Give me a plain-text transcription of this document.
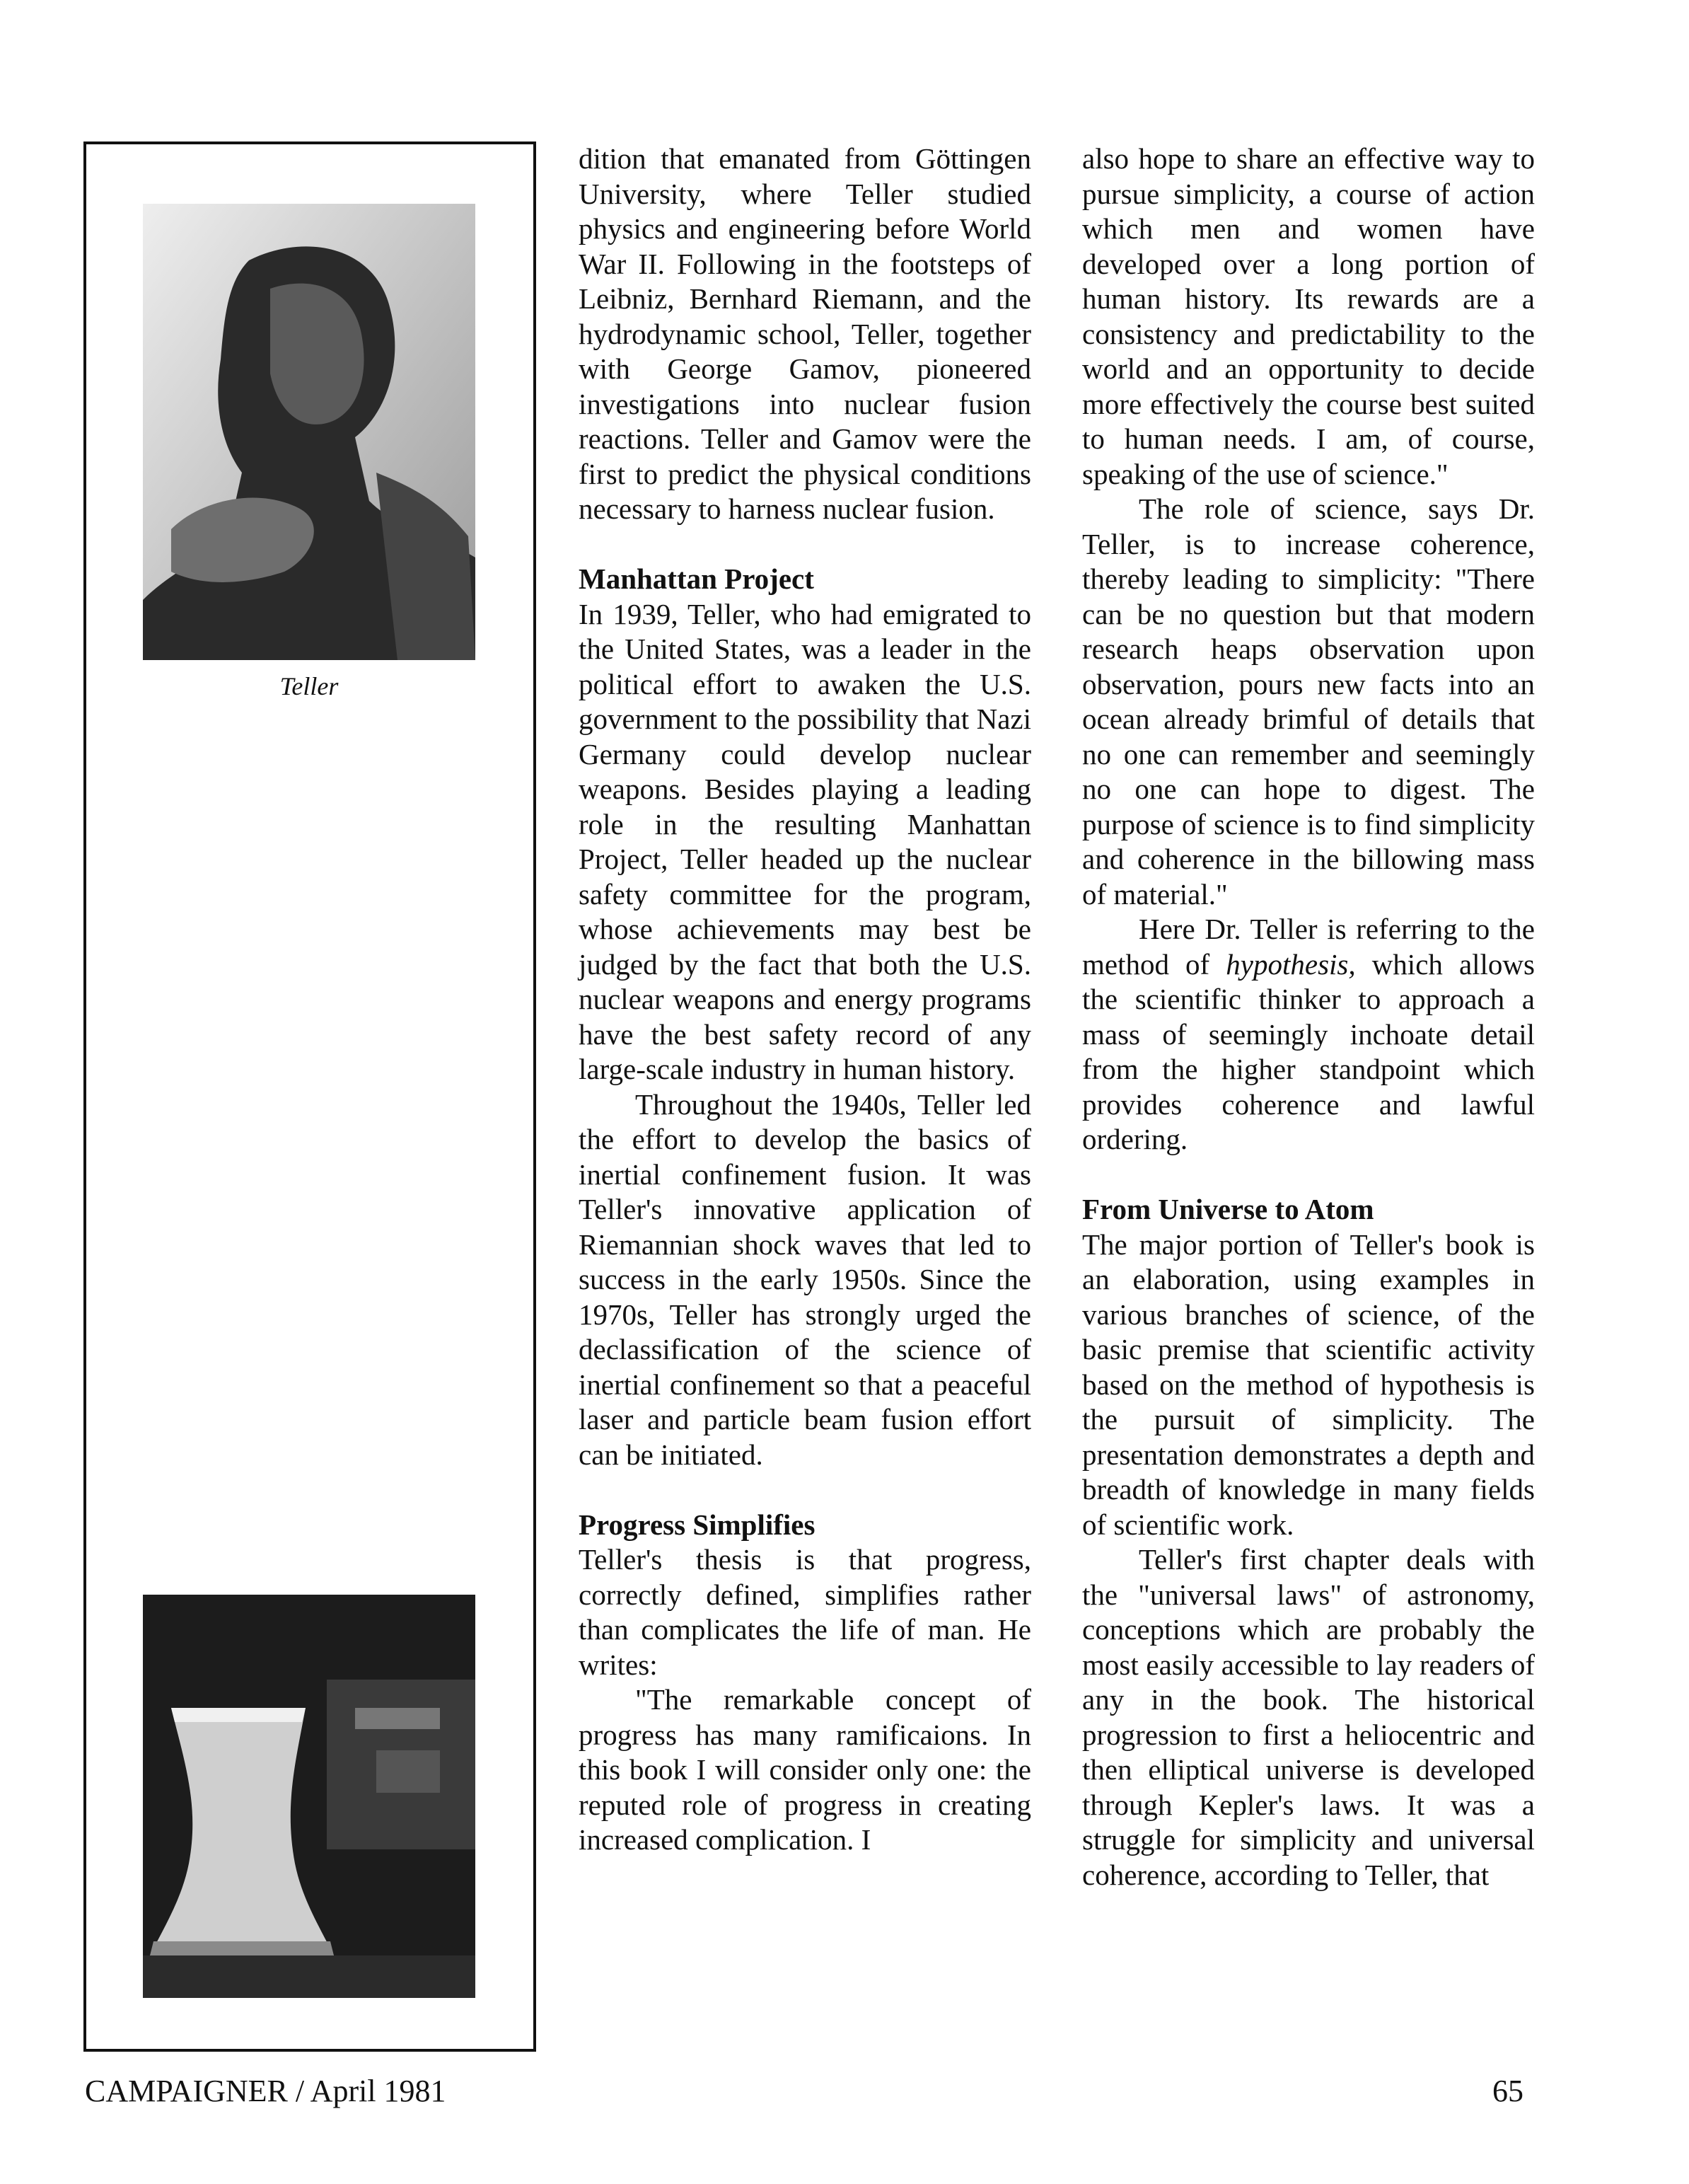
Teller

dition that emanated from Göttingen University, where Teller studied physics and engineering before World War II. Following in the footsteps of Leibniz, Bernhard Riemann, and the hydrodynamic school, Teller, together with George Gamov, pioneered investigations into nuclear fusion reactions. Teller and Gamov were the first to predict the physical conditions necessary to harness nuclear fusion.

Manhattan Project

In 1939, Teller, who had emigrated to the United States, was a leader in the political effort to awaken the U.S. government to the possibility that Nazi Germany could develop nuclear weapons. Besides playing a leading role in the resulting Manhattan Project, Teller headed up the nuclear safety committee for the program, whose achievements may best be judged by the fact that both the U.S. nuclear weapons and energy programs have the best safety record of any large-scale industry in human history.

Throughout the 1940s, Teller led the effort to develop the basics of inertial confinement fusion. It was Teller's innovative application of Riemannian shock waves that led to success in the early 1950s. Since the 1970s, Teller has strongly urged the declassification of the science of inertial confinement so that a peaceful laser and particle beam fusion effort can be initiated.

Progress Simplifies

Teller's thesis is that progress, correctly defined, simplifies rather than complicates the life of man. He writes:

"The remarkable concept of progress has many ramificaions. In this book I will consider only one: the reputed role of progress in creating increased complication. I

also hope to share an effective way to pursue simplicity, a course of action which men and women have developed over a long portion of human history. Its rewards are a consistency and predictability to the world and an opportunity to decide more effectively the course best suited to human needs. I am, of course, speaking of the use of science."

The role of science, says Dr. Teller, is to increase coherence, thereby leading to simplicity: "There can be no question but that modern research heaps observation upon observation, pours new facts into an ocean already brimful of details that no one can remember and seemingly no one can hope to digest. The purpose of science is to find simplicity and coherence in the billowing mass of material."

Here Dr. Teller is referring to the method of hypothesis, which allows the scientific thinker to approach a mass of seemingly inchoate detail from the higher standpoint which provides coherence and lawful ordering.

From Universe to Atom

The major portion of Teller's book is an elaboration, using examples in various branches of science, of the basic premise that scientific activity based on the method of hypothesis is the pursuit of simplicity. The presentation demonstrates a depth and breadth of knowledge in many fields of scientific work.

Teller's first chapter deals with the "universal laws" of astronomy, conceptions which are probably the most easily accessible to lay readers of any in the book. The historical progression to first a heliocentric and then elliptical universe is developed through Kepler's laws. It was a struggle for simplicity and universal coherence, according to Teller, that

CAMPAIGNER / April 1981	65
